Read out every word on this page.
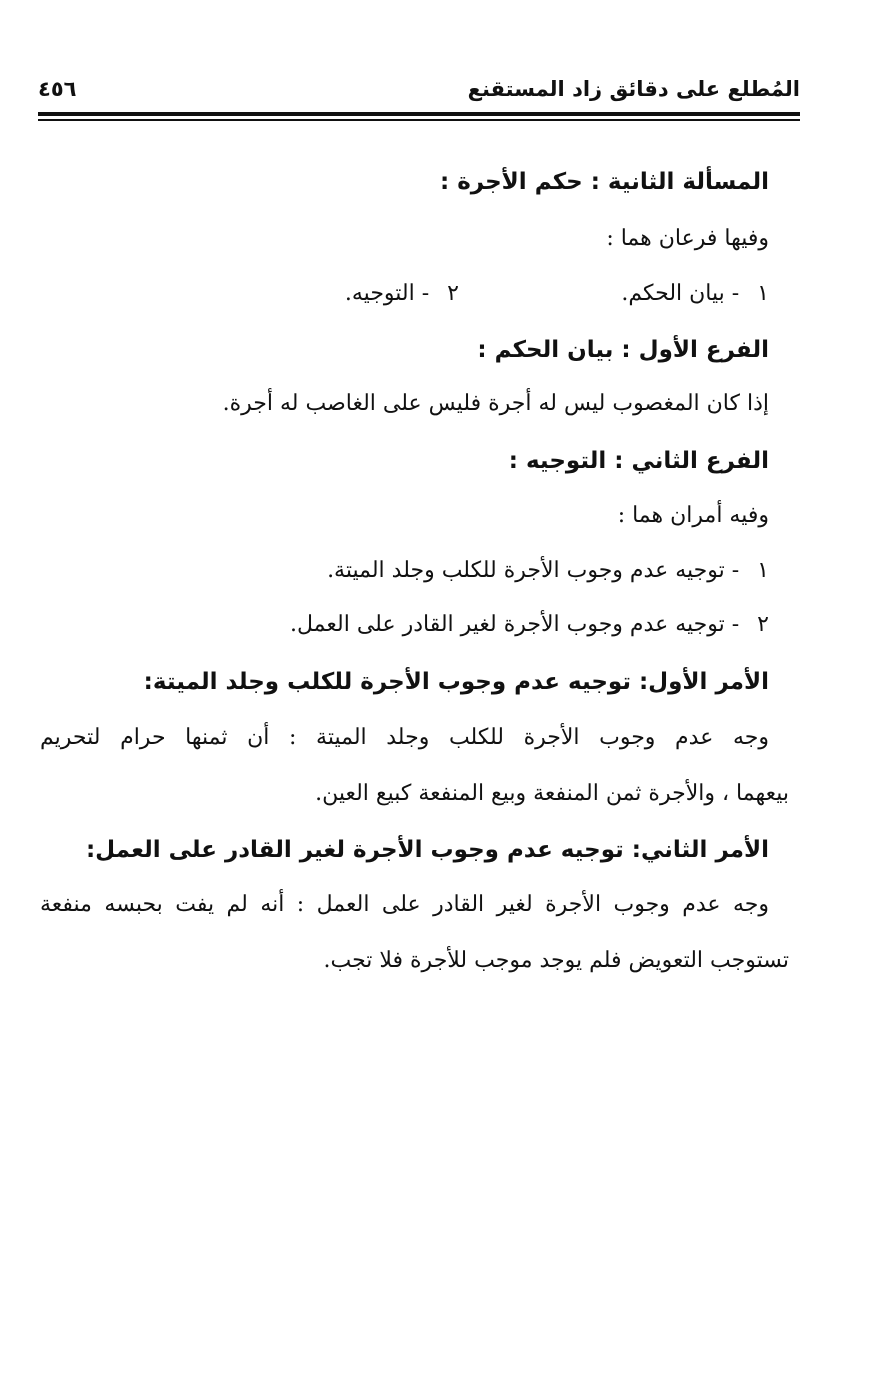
المُطلع على دقائق زاد المستقنع
٤٥٦
المسألة الثانية : حكم الأجرة :
وفيها فرعان هما :
١- بيان الحكم.
٢- التوجيه.
الفرع الأول : بيان الحكم :
إذا كان المغصوب ليس له أجرة فليس على الغاصب له أجرة.
الفرع الثاني : التوجيه :
وفيه أمران هما :
١- توجيه عدم وجوب الأجرة للكلب وجلد الميتة.
٢- توجيه عدم وجوب الأجرة لغير القادر على العمل.
الأمر الأول: توجيه عدم وجوب الأجرة للكلب وجلد الميتة:
وجه عدم وجوب الأجرة للكلب وجلد الميتة : أن ثمنها حرام لتحريم
بيعهما ، والأجرة ثمن المنفعة وبيع المنفعة كبيع العين.
الأمر الثاني: توجيه عدم وجوب الأجرة لغير القادر على العمل:
وجه عدم وجوب الأجرة لغير القادر على العمل : أنه لم يفت بحبسه منفعة
تستوجب التعويض فلم يوجد موجب للأجرة فلا تجب.
